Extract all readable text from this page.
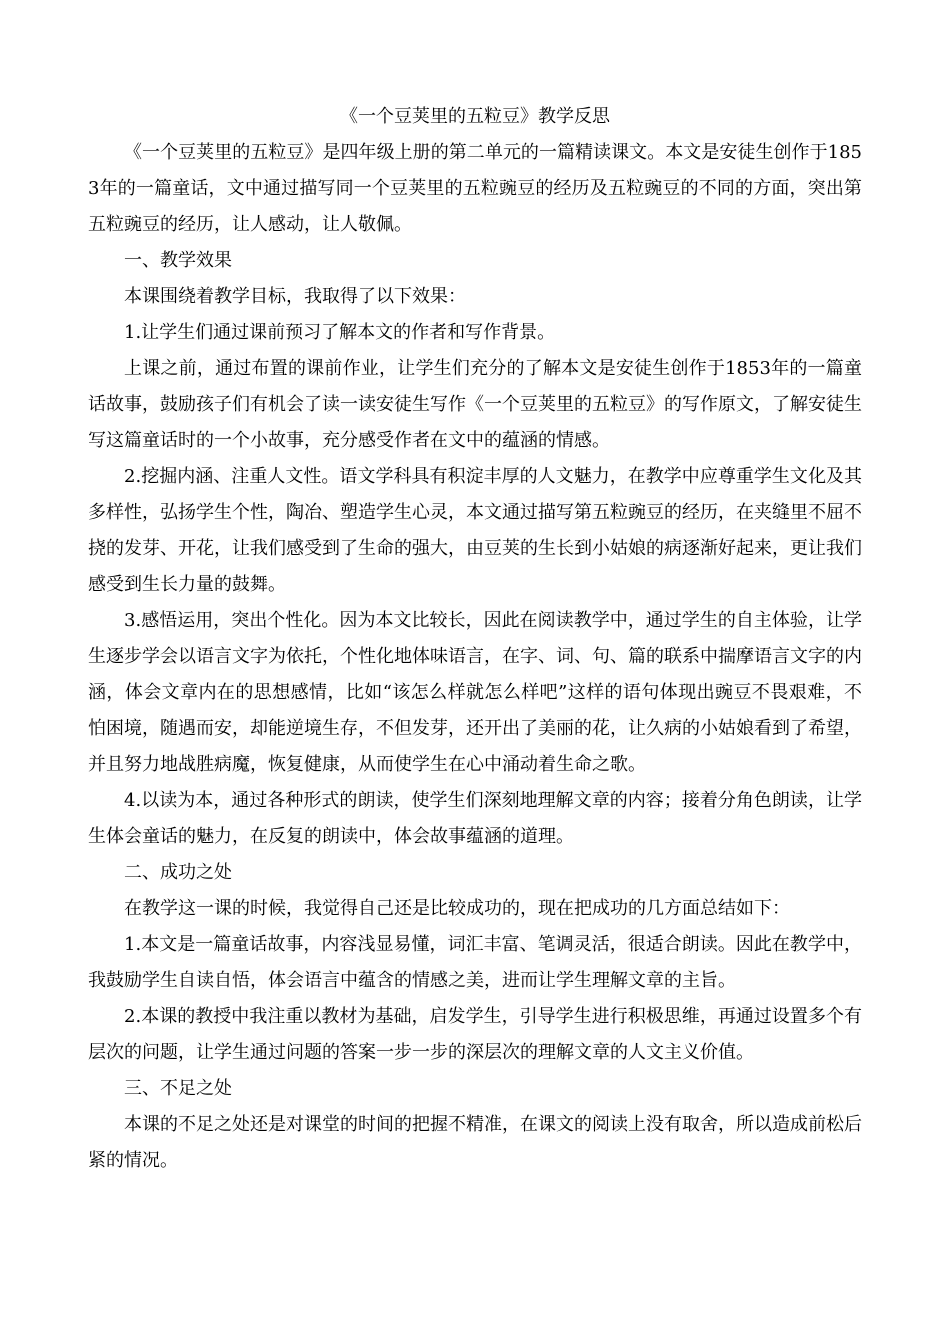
《一个豆荚里的五粒豆》教学反思

《一个豆荚里的五粒豆》是四年级上册的第二单元的一篇精读课文。本文是安徒生创作于1853年的一篇童话，文中通过描写同一个豆荚里的五粒豌豆的经历及五粒豌豆的不同的方面，突出第五粒豌豆的经历，让人感动，让人敬佩。

一、教学效果

本课围绕着教学目标，我取得了以下效果：

1.让学生们通过课前预习了解本文的作者和写作背景。

上课之前，通过布置的课前作业，让学生们充分的了解本文是安徒生创作于1853年的一篇童话故事，鼓励孩子们有机会了读一读安徒生写作《一个豆荚里的五粒豆》的写作原文，了解安徒生写这篇童话时的一个小故事，充分感受作者在文中的蕴涵的情感。

2.挖掘内涵、注重人文性。语文学科具有积淀丰厚的人文魅力，在教学中应尊重学生文化及其多样性，弘扬学生个性，陶冶、塑造学生心灵，本文通过描写第五粒豌豆的经历，在夹缝里不屈不挠的发芽、开花，让我们感受到了生命的强大，由豆荚的生长到小姑娘的病逐渐好起来，更让我们感受到生长力量的鼓舞。

3.感悟运用，突出个性化。因为本文比较长，因此在阅读教学中，通过学生的自主体验，让学生逐步学会以语言文字为依托，个性化地体味语言，在字、词、句、篇的联系中揣摩语言文字的内涵，体会文章内在的思想感情，比如“该怎么样就怎么样吧”这样的语句体现出豌豆不畏艰难，不怕困境，随遇而安，却能逆境生存，不但发芽，还开出了美丽的花，让久病的小姑娘看到了希望，并且努力地战胜病魔，恢复健康，从而使学生在心中涌动着生命之歌。

4.以读为本，通过各种形式的朗读，使学生们深刻地理解文章的内容；接着分角色朗读，让学生体会童话的魅力，在反复的朗读中，体会故事蕴涵的道理。

二、成功之处

在教学这一课的时候，我觉得自己还是比较成功的，现在把成功的几方面总结如下：

1.本文是一篇童话故事，内容浅显易懂，词汇丰富、笔调灵活，很适合朗读。因此在教学中，我鼓励学生自读自悟，体会语言中蕴含的情感之美，进而让学生理解文章的主旨。

2.本课的教授中我注重以教材为基础，启发学生，引导学生进行积极思维，再通过设置多个有层次的问题，让学生通过问题的答案一步一步的深层次的理解文章的人文主义价值。

三、不足之处

本课的不足之处还是对课堂的时间的把握不精准，在课文的阅读上没有取舍，所以造成前松后紧的情况。
